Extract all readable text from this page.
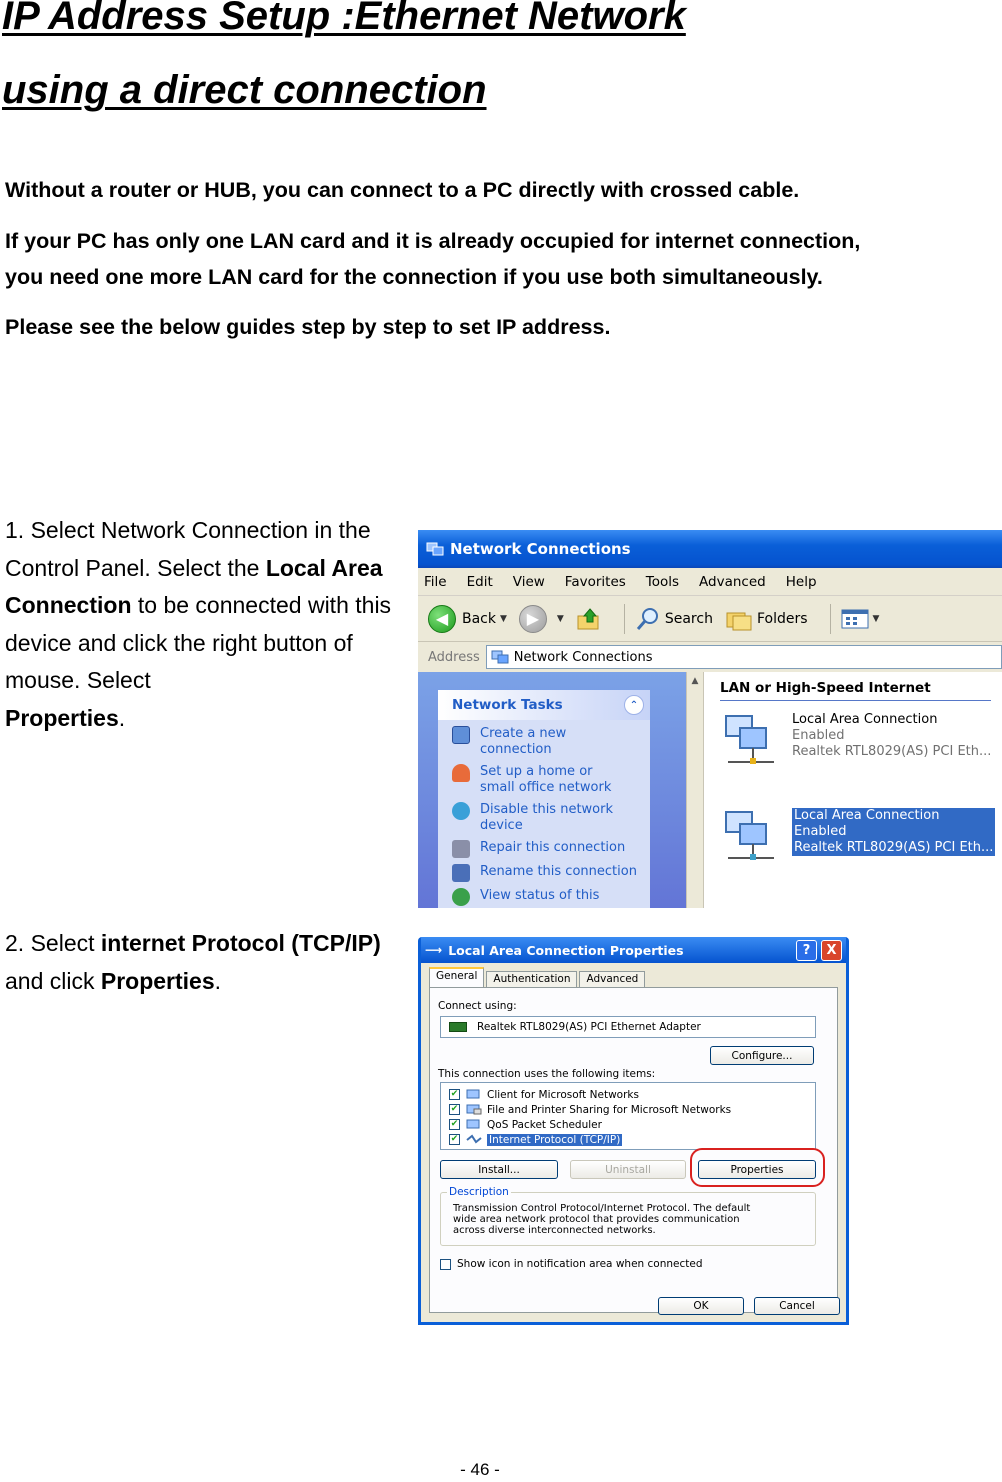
IP Address Setup :Ethernet Network
using a direct connection
Without a router or HUB, you can connect to a PC directly with crossed cable.
If your PC has only one LAN card and it is already occupied for internet connection,
you need one more LAN card for the connection if you use both simultaneously.
Please see the below guides step by step to set IP address.
1. Select Network Connection in the Control Panel. Select the Local Area Connection to be connected with this device and click the right button of mouse. Select
Properties.
Network Connections
File Edit View Favorites Tools Advanced Help
◀ Back ▼	▶	▼	Search	Folders	▼
Address	Network Connections
Network Tasks	⌃
Create a new connection
Set up a home or small office network
Disable this network device
Repair this connection
Rename this connection
View status of this
▲	LAN or High-Speed Internet
Local Area Connection
Enabled
Realtek RTL8029(AS) PCI Eth...
Local Area Connection
Enabled
Realtek RTL8029(AS) PCI Eth...
2. Select internet Protocol (TCP/IP) and click Properties.
⟶ Local Area Connection Properties	?	X
General	Authentication	Advanced
Connect using:
Realtek RTL8029(AS) PCI Ethernet Adapter
Configure...
This connection uses the following items:
✔	Client for Microsoft Networks
✔	File and Printer Sharing for Microsoft Networks
✔	QoS Packet Scheduler
✔	Internet Protocol (TCP/IP)
Install...	Uninstall	Properties
Description
Transmission Control Protocol/Internet Protocol. The default
wide area network protocol that provides communication
across diverse interconnected networks.
Show icon in notification area when connected
OK	Cancel
- 46 -
